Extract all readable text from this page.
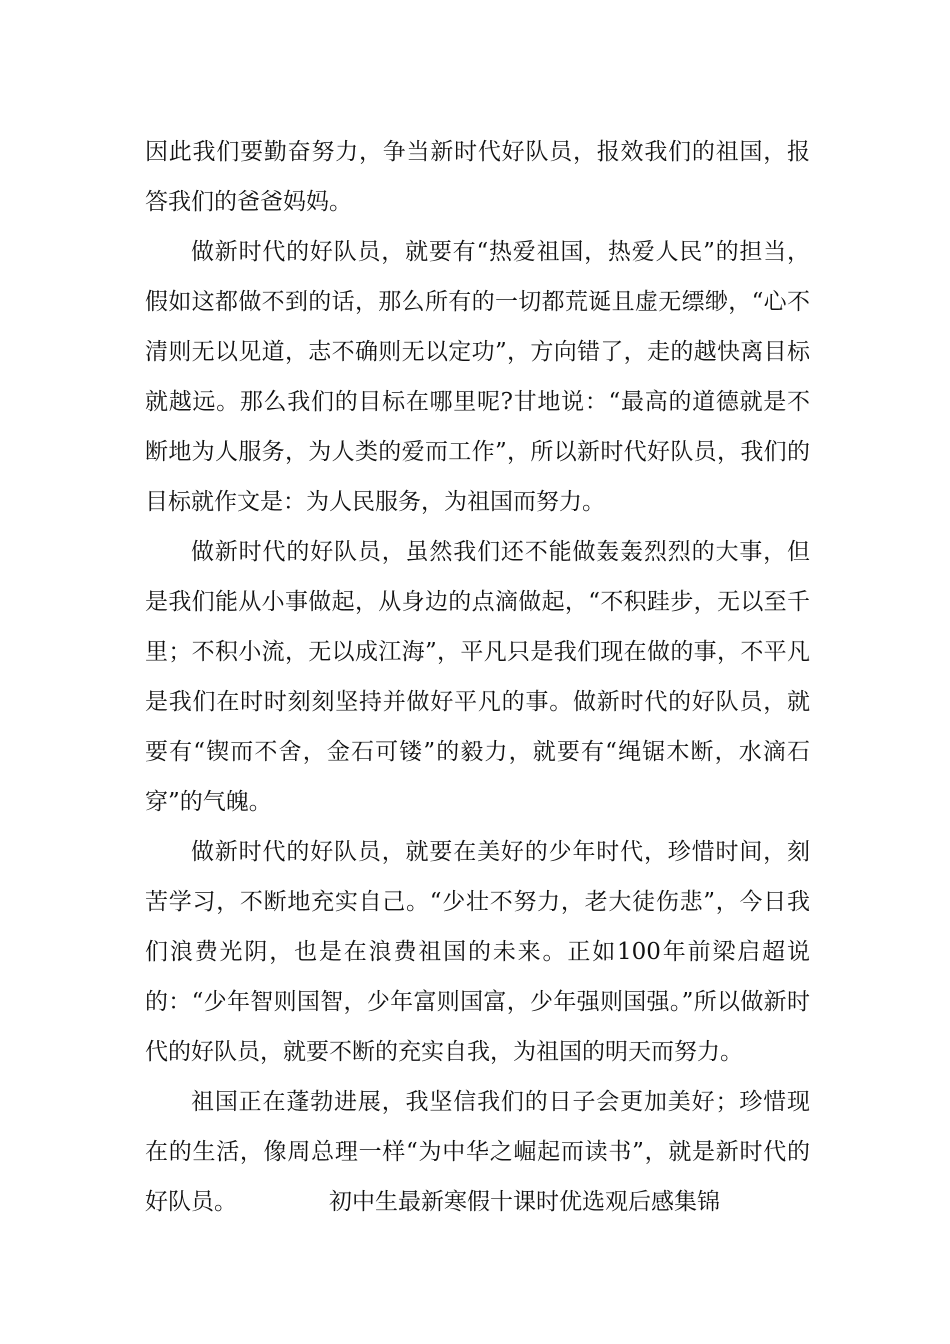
因此我们要勤奋努力，争当新时代好队员，报效我们的祖国，报答我们的爸爸妈妈。

做新时代的好队员，就要有“热爱祖国，热爱人民”的担当，假如这都做不到的话，那么所有的一切都荒诞且虚无缥缈，“心不清则无以见道，志不确则无以定功”，方向错了，走的越快离目标就越远。那么我们的目标在哪里呢?甘地说：“最高的道德就是不断地为人服务，为人类的爱而工作”，所以新时代好队员，我们的目标就作文是：为人民服务，为祖国而努力。

做新时代的好队员，虽然我们还不能做轰轰烈烈的大事，但是我们能从小事做起，从身边的点滴做起，“不积跬步，无以至千里；不积小流，无以成江海”，平凡只是我们现在做的事，不平凡是我们在时时刻刻坚持并做好平凡的事。做新时代的好队员，就要有“锲而不舍，金石可镂”的毅力，就要有“绳锯木断，水滴石穿”的气魄。

做新时代的好队员，就要在美好的少年时代，珍惜时间，刻苦学习，不断地充实自己。“少壮不努力，老大徒伤悲”，今日我们浪费光阴，也是在浪费祖国的未来。正如100年前梁启超说的：“少年智则国智，少年富则国富，少年强则国强。”所以做新时代的好队员，就要不断的充实自我，为祖国的明天而努力。

祖国正在蓬勃进展，我坚信我们的日子会更加美好；珍惜现在的生活，像周总理一样“为中华之崛起而读书”，就是新时代的好队员。	初中生最新寒假十课时优选观后感集锦
